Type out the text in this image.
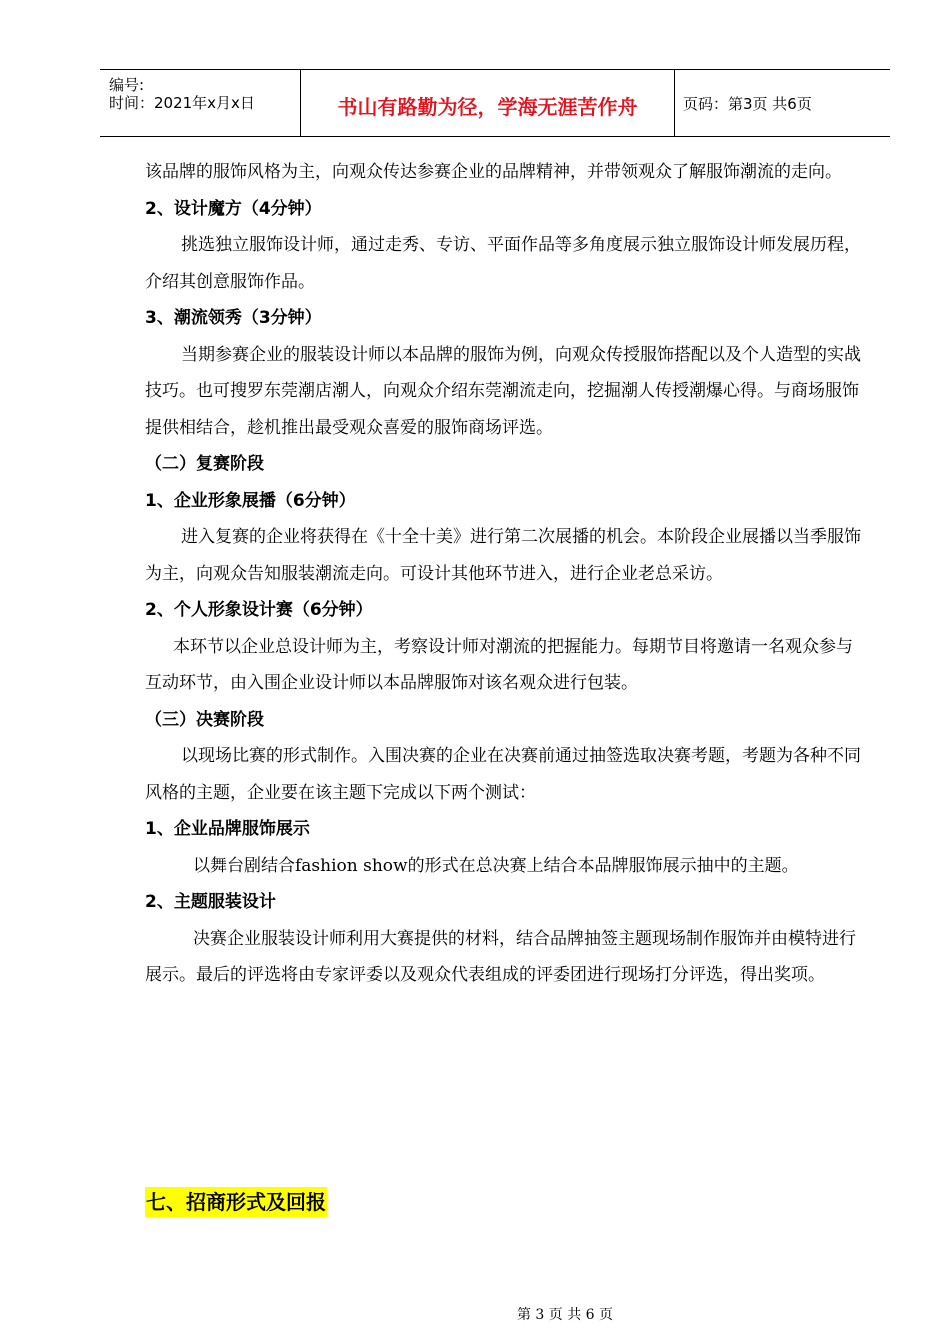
编号:
时间：2021年x月x日	书山有路勤为径，学海无涯苦作舟	页码：第3页 共6页

该品牌的服饰风格为主，向观众传达参赛企业的品牌精神，并带领观众了解服饰潮流的走向。

2、设计魔方（4分钟）

挑选独立服饰设计师，通过走秀、专访、平面作品等多角度展示独立服饰设计师发展历程，介绍其创意服饰作品。

3、潮流领秀（3分钟）

当期参赛企业的服装设计师以本品牌的服饰为例，向观众传授服饰搭配以及个人造型的实战技巧。也可搜罗东莞潮店潮人，向观众介绍东莞潮流走向，挖掘潮人传授潮爆心得。与商场服饰提供相结合，趁机推出最受观众喜爱的服饰商场评选。

（二）复赛阶段

1、企业形象展播（6分钟）

进入复赛的企业将获得在《十全十美》进行第二次展播的机会。本阶段企业展播以当季服饰为主，向观众告知服装潮流走向。可设计其他环节进入，进行企业老总采访。

2、个人形象设计赛（6分钟）

本环节以企业总设计师为主，考察设计师对潮流的把握能力。每期节目将邀请一名观众参与互动环节，由入围企业设计师以本品牌服饰对该名观众进行包装。

（三）决赛阶段

以现场比赛的形式制作。入围决赛的企业在决赛前通过抽签选取决赛考题，考题为各种不同风格的主题，企业要在该主题下完成以下两个测试：

1、企业品牌服饰展示

以舞台剧结合fashion show的形式在总决赛上结合本品牌服饰展示抽中的主题。

2、主题服装设计

决赛企业服装设计师利用大赛提供的材料，结合品牌抽签主题现场制作服饰并由模特进行展示。最后的评选将由专家评委以及观众代表组成的评委团进行现场打分评选，得出奖项。

七、招商形式及回报
第 3 页 共 6 页
